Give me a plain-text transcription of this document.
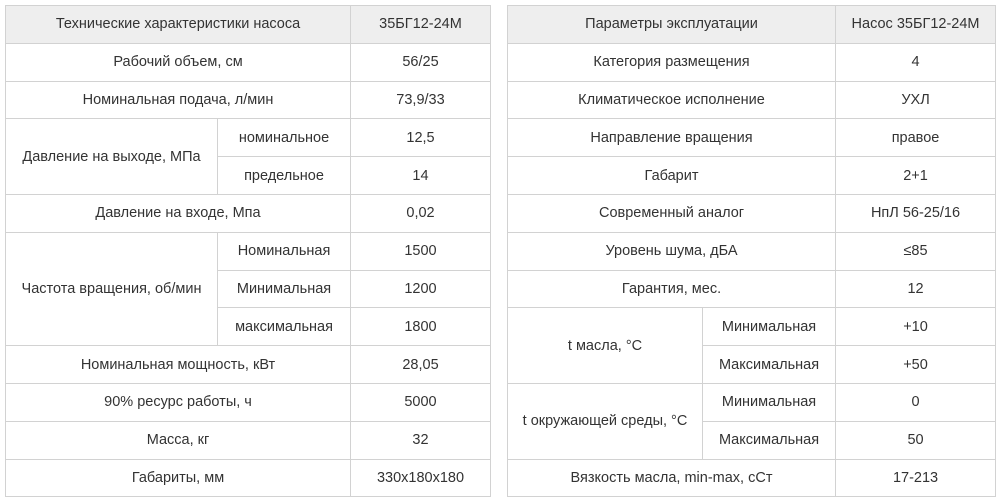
Технические характеристики насоса		35БГ12-24М
Рабочий объем, см		56/25
Номинальная подача, л/мин		73,9/33
Давление на выходе, МПа	номинальное	12,5
	предельное	14
Давление на входе, Мпа		0,02
Частота вращения, об/мин	Номинальная	1500
	Минимальная	1200
	максимальная	1800
Номинальная мощность, кВт		28,05
90% ресурс работы, ч		5000
Масса, кг		32
Габариты, мм		330x180x180
Параметры эксплуатации		Насос 35БГ12-24М
Категория размещения		4
Климатическое исполнение		УХЛ
Направление вращения		правое
Габарит		2+1
Современный аналог		НпЛ 56-25/16
Уровень шума, дБА		≤85
Гарантия, мес.		12
t масла, °С	Минимальная	+10
	Максимальная	+50
t окружающей среды, °С	Минимальная	0
	Максимальная	50
Вязкость масла, min-max, сСт		17-213
